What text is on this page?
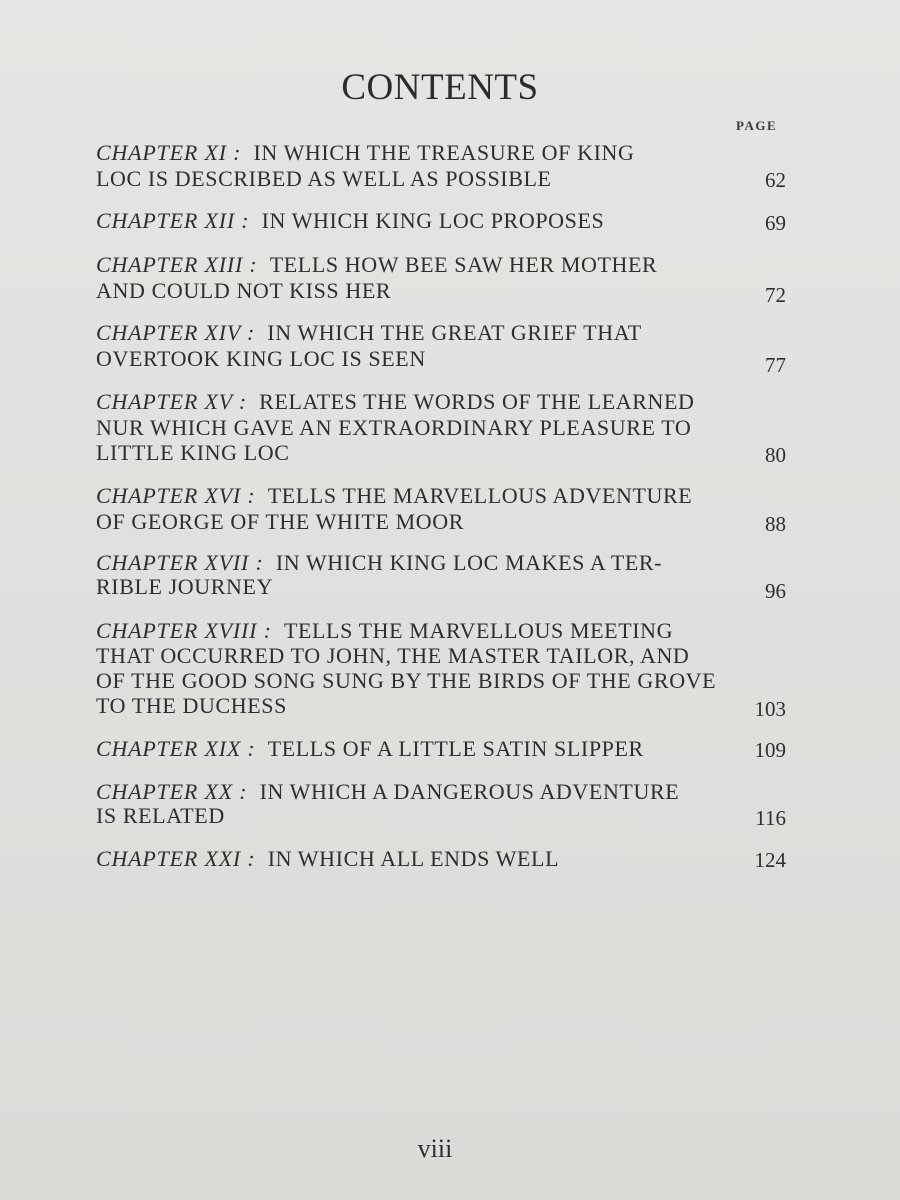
CONTENTS
PAGE
CHAPTER XI : IN WHICH THE TREASURE OF KING
LOC IS DESCRIBED AS WELL AS POSSIBLE	62
CHAPTER XII : IN WHICH KING LOC PROPOSES	69
CHAPTER XIII : TELLS HOW BEE SAW HER MOTHER
AND COULD NOT KISS HER	72
CHAPTER XIV : IN WHICH THE GREAT GRIEF THAT
OVERTOOK KING LOC IS SEEN	77
CHAPTER XV : RELATES THE WORDS OF THE LEARNED
NUR WHICH GAVE AN EXTRAORDINARY PLEASURE TO
LITTLE KING LOC	80
CHAPTER XVI : TELLS THE MARVELLOUS ADVENTURE
OF GEORGE OF THE WHITE MOOR	88
CHAPTER XVII : IN WHICH KING LOC MAKES A TER-
RIBLE JOURNEY	96
CHAPTER XVIII : TELLS THE MARVELLOUS MEETING
THAT OCCURRED TO JOHN, THE MASTER TAILOR, AND
OF THE GOOD SONG SUNG BY THE BIRDS OF THE GROVE
TO THE DUCHESS	103
CHAPTER XIX : TELLS OF A LITTLE SATIN SLIPPER	109
CHAPTER XX : IN WHICH A DANGEROUS ADVENTURE
IS RELATED	116
CHAPTER XXI : IN WHICH ALL ENDS WELL	124
viii
